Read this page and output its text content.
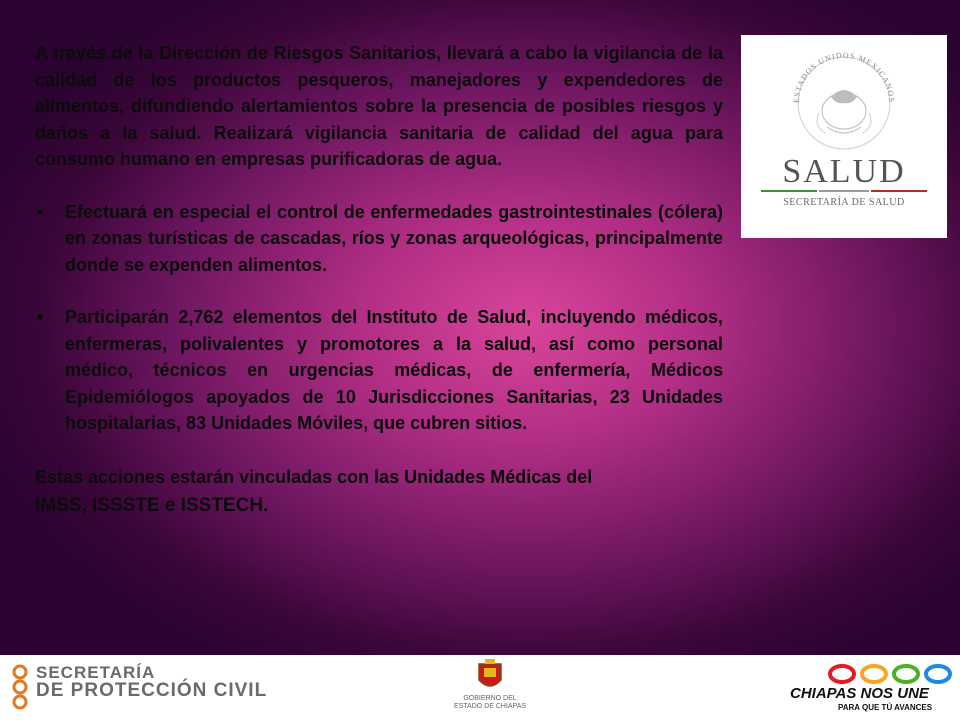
A través de la Dirección de Riesgos Sanitarios, llevará a cabo la vigilancia de la calidad de los productos pesqueros, manejadores y expendedores de alimentos, difundiendo alertamientos sobre la presencia de posibles riesgos y daños a la salud. Realizará vigilancia sanitaria de calidad del agua para consumo humano en empresas purificadoras de agua.

•	Efectuará en especial el control de enfermedades gastrointestinales (cólera) en zonas turísticas de cascadas, ríos y zonas arqueológicas, principalmente donde se expenden alimentos.
•	Participarán 2,762 elementos del Instituto de Salud, incluyendo médicos, enfermeras, polivalentes y promotores a la salud, así como personal médico, técnicos en urgencias médicas, de enfermería, Médicos Epidemiólogos apoyados de 10 Jurisdicciones Sanitarias, 23 Unidades hospitalarias, 83 Unidades Móviles, que cubren sitios.

Estas acciones estarán vinculadas con las Unidades Médicas del
IMSS, ISSSTE e ISSTECH.

ESTADOS UNIDOS MEXICANOS
SALUD
SECRETARÍA DE SALUD
SECRETARÍA
DE PROTECCIÓN CIVIL	GOBIERNO DEL
ESTADO DE CHIAPAS
CHIAPAS NOS UNE
PARA QUE TÚ AVANCES
